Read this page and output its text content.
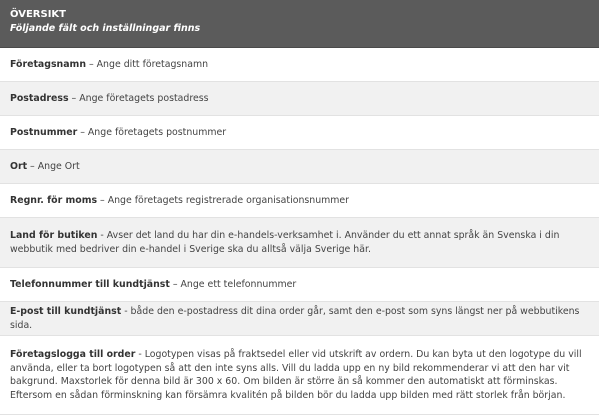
ÖVERSIKT
Följande fält och inställningar finns
Företagsnamn – Ange ditt företagsnamn
Postadress – Ange företagets postadress
Postnummer – Ange företagets postnummer
Ort – Ange Ort
Regnr. för moms – Ange företagets registrerade organisationsnummer
Land för butiken - Avser det land du har din e-handels-verksamhet i. Använder du ett annat språk än Svenska i din webbutik med bedriver din e-handel i Sverige ska du alltså välja Sverige här.
Telefonnummer till kundtjänst – Ange ett telefonnummer
E-post till kundtjänst - både den e-postadress dit dina order går, samt den e-post som syns längst ner på webbutikens sida.
Företagslogga till order - Logotypen visas på fraktsedel eller vid utskrift av ordern. Du kan byta ut den logotype du vill använda, eller ta bort logotypen så att den inte syns alls. Vill du ladda upp en ny bild rekommenderar vi att den har vit bakgrund. Maxstorlek för denna bild är 300 x 60. Om bilden är större än så kommer den automatiskt att förminskas. Eftersom en sådan förminskning kan försämra kvalitén på bilden bör du ladda upp bilden med rätt storlek från början.
